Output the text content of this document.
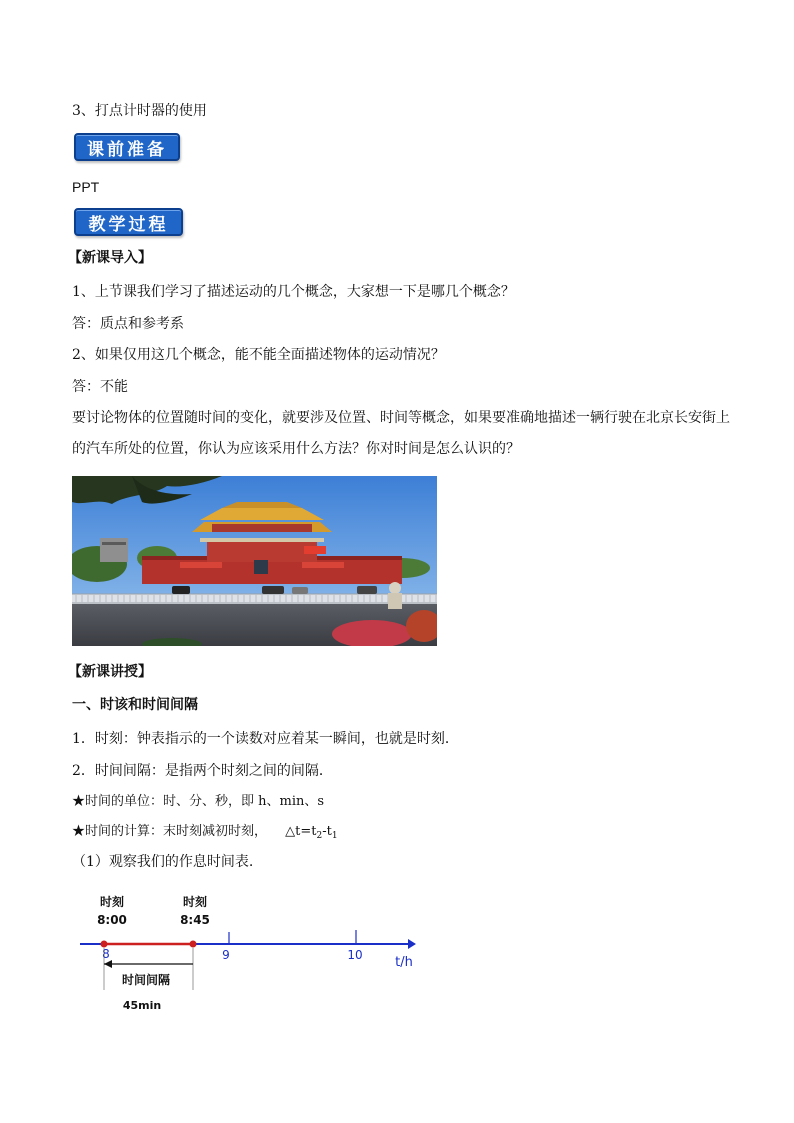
3、打点计时器的使用
课前准备
PPT
教学过程
【新课导入】
1、上节课我们学习了描述运动的几个概念，大家想一下是哪几个概念？
答：质点和参考系
2、如果仅用这几个概念，能不能全面描述物体的运动情况？
答：不能
要讨论物体的位置随时间的变化，就要涉及位置、时间等概念，如果要准确地描述一辆行驶在北京长安街上的汽车所处的位置，你认为应该采用什么方法？你对时间是怎么认识的？
【新课讲授】
一、时该和时间间隔
1．时刻：钟表指示的一个读数对应着某一瞬间，也就是时刻．
2．时间间隔：是指两个时刻之间的间隔．
★时间的单位：时、分、秒，即 h、min、s
★时间的计算：末时刻减初时刻， $\triangle t=t_2-t_1$
（1）观察我们的作息时间表.
时刻
8:00
时刻
8:45
8	9	10	t/h
时间间隔
45min
